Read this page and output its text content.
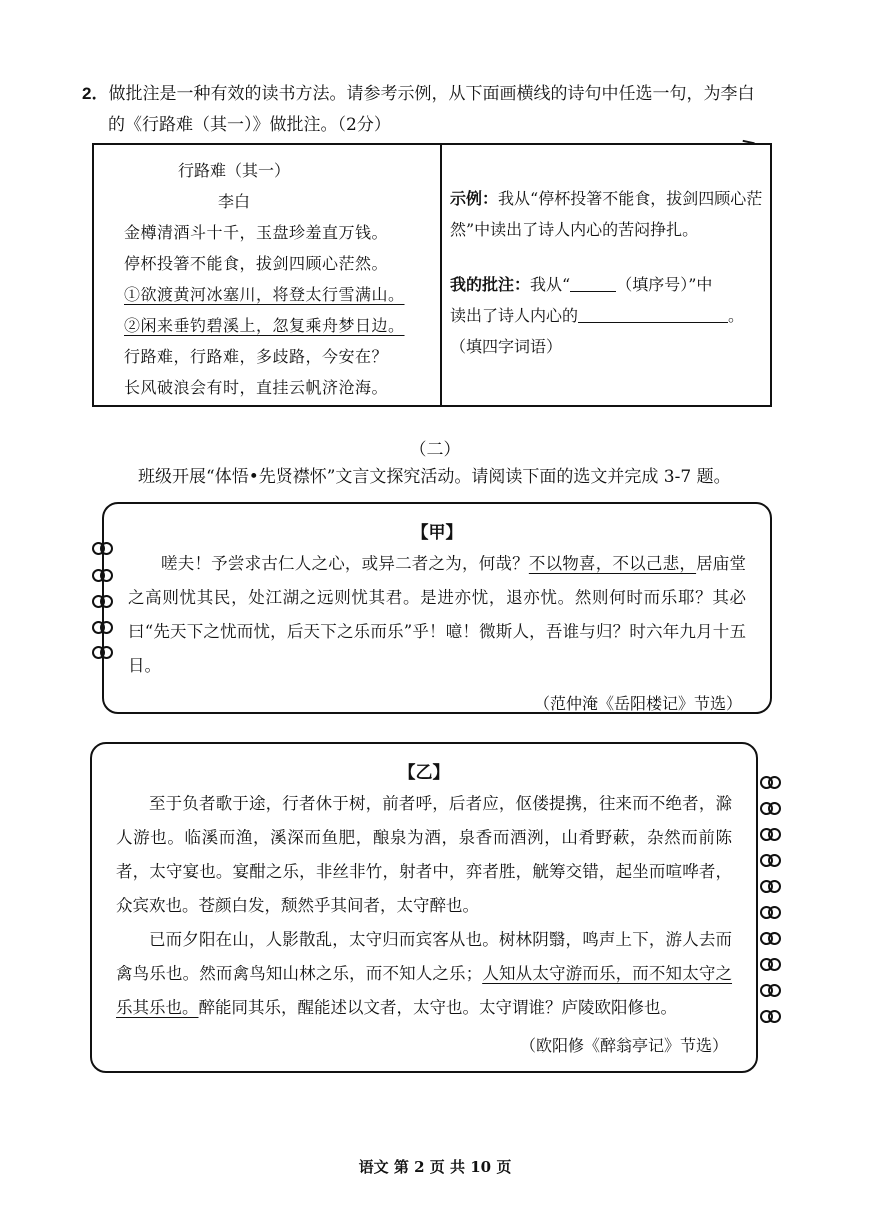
2．做批注是一种有效的读书方法。请参考示例，从下面画横线的诗句中任选一句，为李白
的《行路难（其一）》做批注。（2分）
行路难（其一）
李白
金樽清酒斗十千，玉盘珍羞直万钱。
停杯投箸不能食，拔剑四顾心茫然。
①欲渡黄河冰塞川，将登太行雪满山。
②闲来垂钓碧溪上，忽复乘舟梦日边。
行路难，行路难，多歧路，今安在？
长风破浪会有时，直挂云帆济沧海。
示例：我从“停杯投箸不能食，拔剑四顾心茫然”中读出了诗人内心的苦闷挣扎。
我的批注：我从“	（填序号）”中
读出了诗人内心的	。
（填四字词语）
（二）
班级开展“体悟•先贤襟怀”文言文探究活动。请阅读下面的选文并完成 3-7 题。
【甲】
嗟夫！予尝求古仁人之心，或异二者之为，何哉？不以物喜，不以己悲，居庙堂之高则忧其民，处江湖之远则忧其君。是进亦忧，退亦忧。然则何时而乐耶？其必曰“先天下之忧而忧，后天下之乐而乐”乎！噫！微斯人，吾谁与归？时六年九月十五日。
（范仲淹《岳阳楼记》节选）
【乙】
至于负者歌于途，行者休于树，前者呼，后者应，伛偻提携，往来而不绝者，滁人游也。临溪而渔，溪深而鱼肥，酿泉为酒，泉香而酒洌，山肴野蔌，杂然而前陈者，太守宴也。宴酣之乐，非丝非竹，射者中，弈者胜，觥筹交错，起坐而喧哗者，众宾欢也。苍颜白发，颓然乎其间者，太守醉也。
已而夕阳在山，人影散乱，太守归而宾客从也。树林阴翳，鸣声上下，游人去而禽鸟乐也。然而禽鸟知山林之乐，而不知人之乐；人知从太守游而乐，而不知太守之乐其乐也。醉能同其乐，醒能述以文者，太守也。太守谓谁？庐陵欧阳修也。
（欧阳修《醉翁亭记》节选）
语文 第 2 页 共 10 页
